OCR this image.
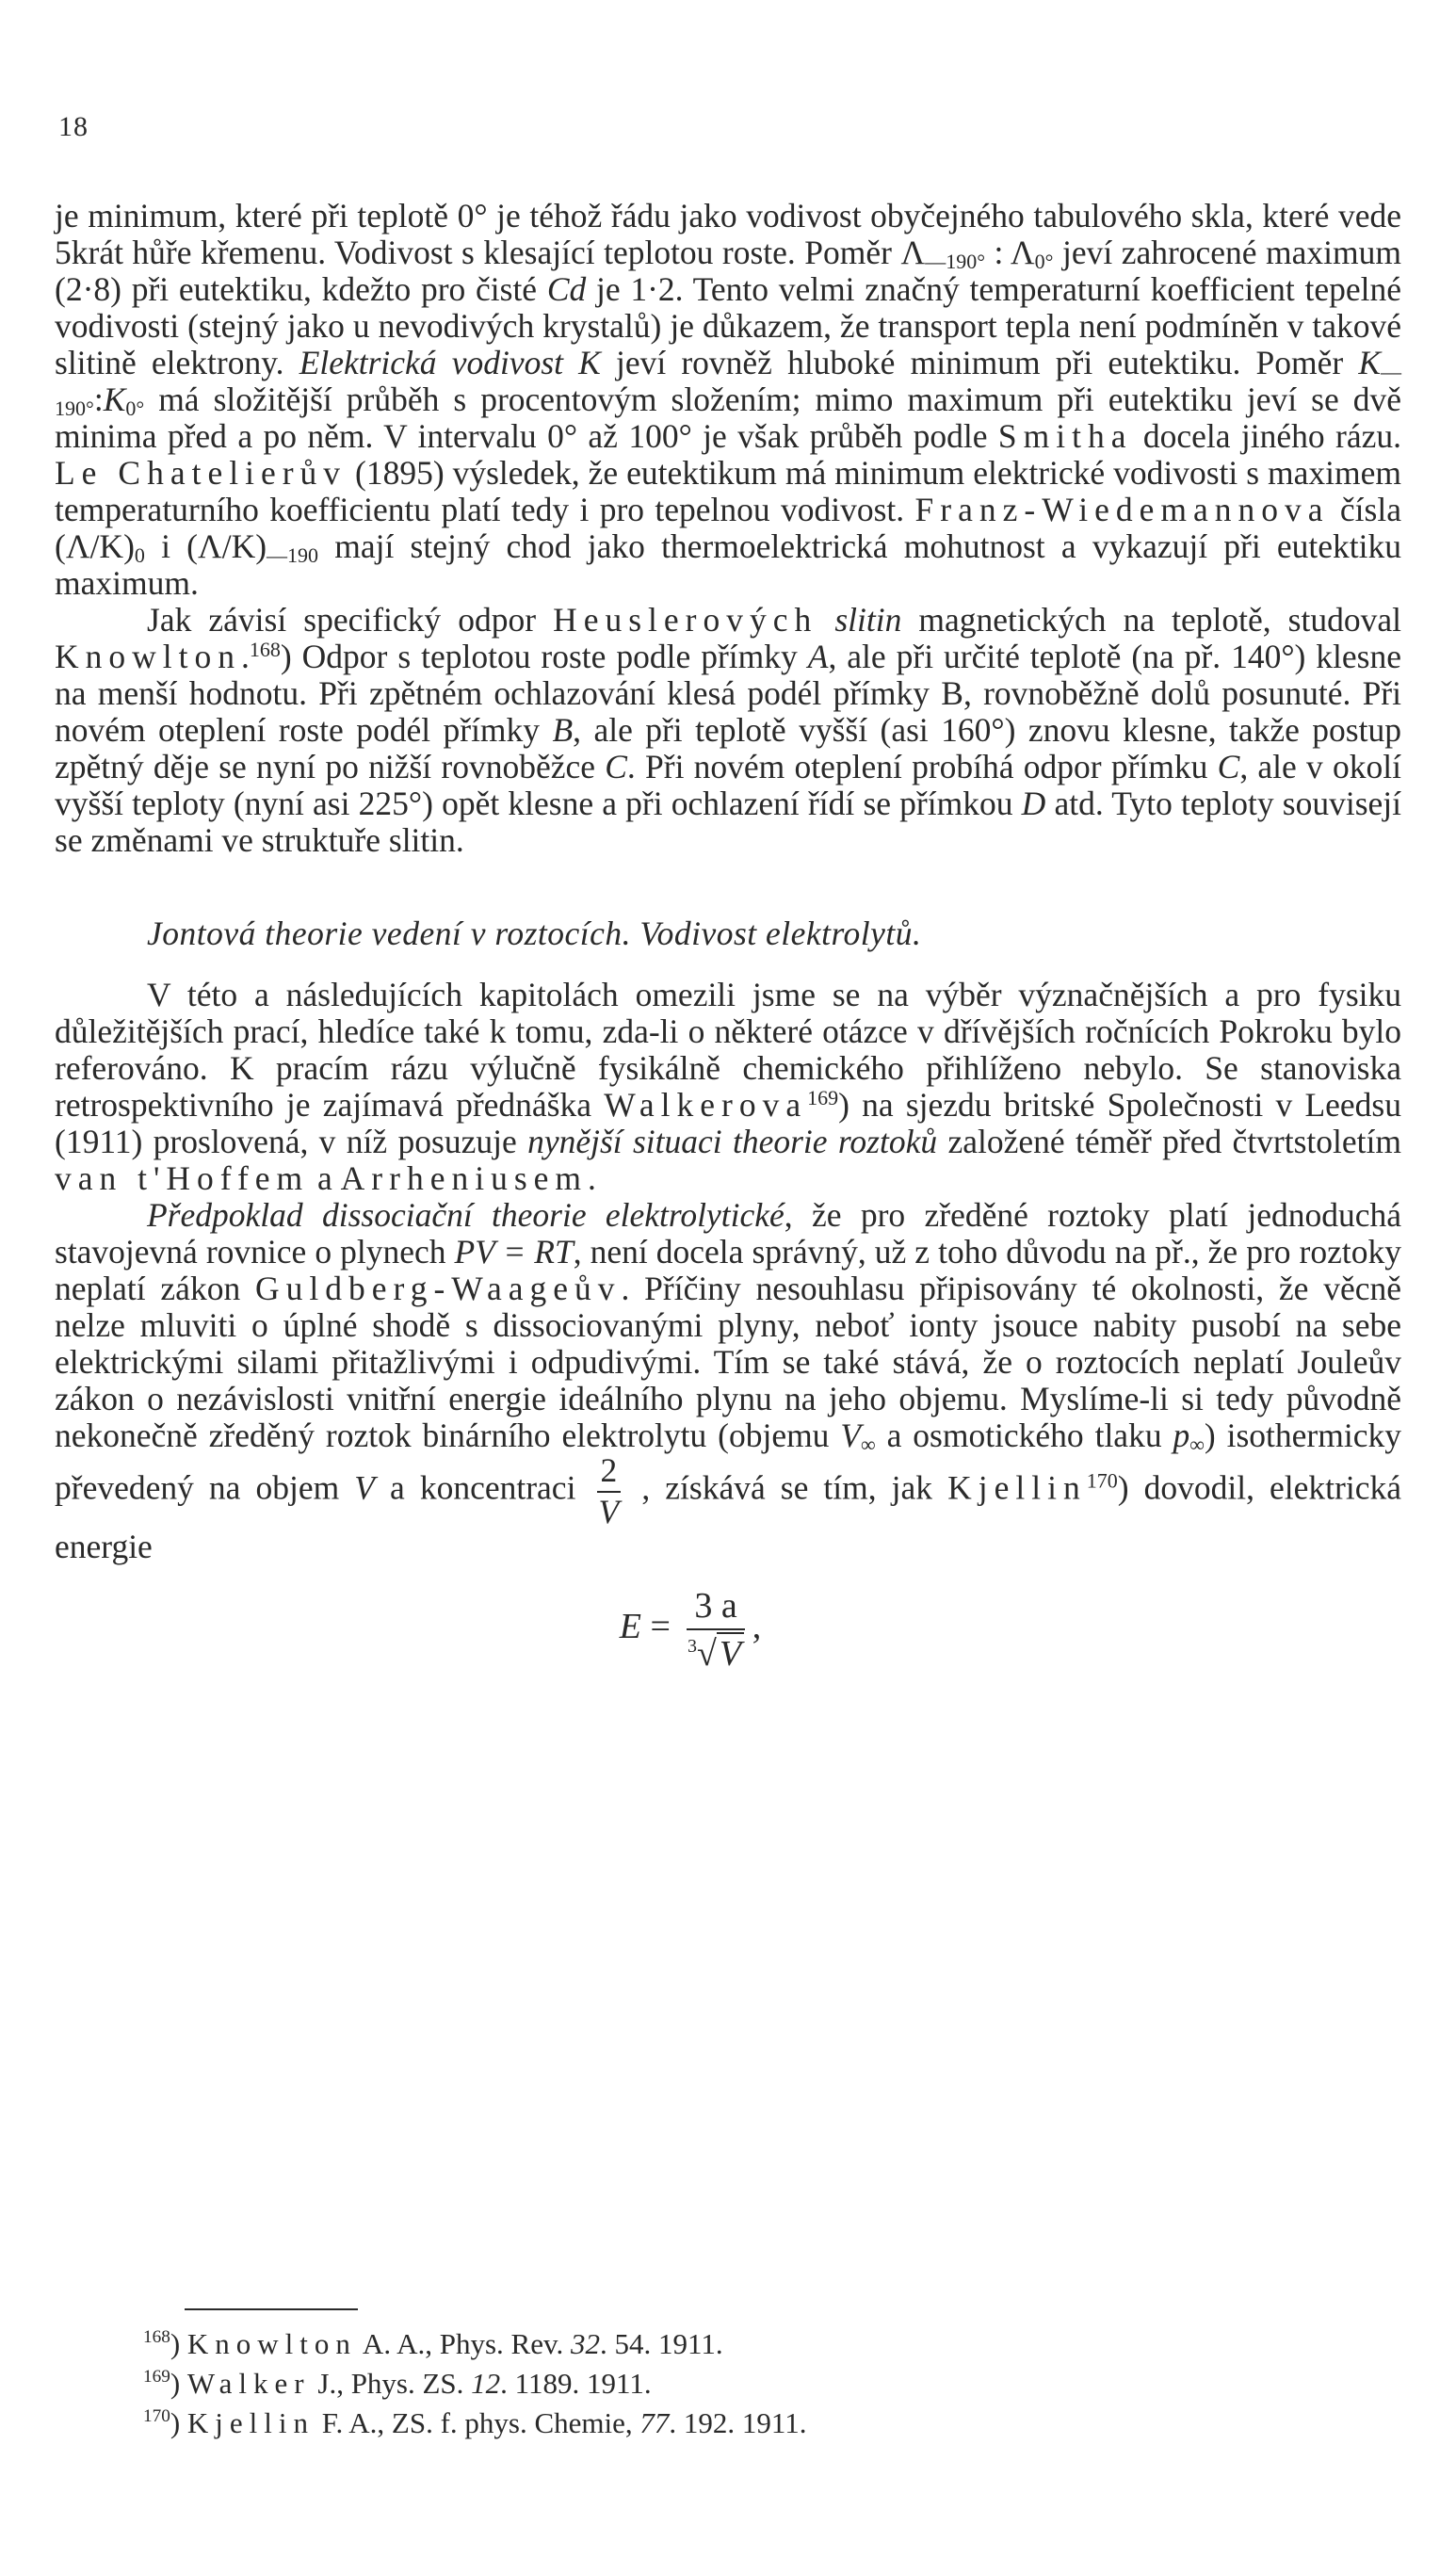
18

je minimum, které při teplotě 0° je téhož řádu jako vodivost obyčejného tabulového skla, které vede 5krát hůře křemenu. Vodivost s klesající teplotou roste. Poměr $\Lambda_{—190^\circ}$ : $\Lambda_{0^\circ}$ jeví zahrocené maximum (2·8) při eutektiku, kdežto pro čisté Cd je 1·2. Tento velmi značný temperaturní koefficient tepelné vodivosti (stejný jako u nevodivých krystalů) je důkazem, že transport tepla není podmíněn v takové slitině elektrony. Elektrická vodivost K jeví rovněž hluboké minimum při eutektiku. Poměr $K_{—190^\circ}:K_{0^\circ}$ má složitější průběh s procentovým složením; mimo maximum při eutektiku jeví se dvě minima před a po něm. V intervalu 0° až 100° je však průběh podle Smitha docela jiného rázu. Le Chatelierův (1895) výsledek, že eutektikum má minimum elektrické vodivosti s maximem temperaturního koefficientu platí tedy i pro tepelnou vodivost. Franz-Wiedemannova čísla $(\Lambda/K)_0$ i $(\Lambda/K)_{—190}$ mají stejný chod jako thermoelektrická mohutnost a vykazují při eutektiku maximum.

Jak závisí specifický odpor Heuslerových slitin magnetických na teplotě, studoval Knowlton.$^{168}$) Odpor s teplotou roste podle přímky A, ale při určité teplotě (na př. 140°) klesne na menší hodnotu. Při zpětném ochlazování klesá podél přímky B, rovnoběžně dolů posunuté. Při novém oteplení roste podél přímky B, ale při teplotě vyšší (asi 160°) znovu klesne, takže postup zpětný děje se nyní po nižší rovnoběžce C. Při novém oteplení probíhá odpor přímku C, ale v okolí vyšší teploty (nyní asi 225°) opět klesne a při ochlazení řídí se přímkou D atd. Tyto teploty souvisejí se změnami ve struktuře slitin.

Jontová theorie vedení v roztocích. Vodivost elektrolytů.

V této a následujících kapitolách omezili jsme se na výběr význačnějších a pro fysiku důležitějších prací, hledíce také k tomu, zda-li o některé otázce v dřívějších ročnících Pokroku bylo referováno. K pracím rázu výlučně fysikálně chemického přihlíženo nebylo. Se stanoviska retrospektivního je zajímavá přednáška Walkerova$^{169}$) na sjezdu britské Společnosti v Leedsu (1911) proslovená, v níž posuzuje nynější situaci theorie roztoků založené téměř před čtvrtstoletím van t'Hoffem a Arrheniusem.

Předpoklad dissociační theorie elektrolytické, že pro zředěné roztoky platí jednoduchá stavojevná rovnice o plynech PV = RT, není docela správný, už z toho důvodu na př., že pro roztoky neplatí zákon Guldberg-Waageův. Příčiny nesouhlasu připisovány té okolnosti, že věcně nelze mluviti o úplné shodě s dissociovanými plyny, neboť ionty jsouce nabity pusobí na sebe elektrickými silami přitažlivými i odpudivými. Tím se také stává, že o roztocích neplatí Jouleův zákon o nezávislosti vnitřní energie ideálního plynu na jeho objemu. Myslíme-li si tedy původně nekonečně zředěný roztok binárního elektrolytu (objemu $V_\infty$ a osmotického tlaku $p_\infty$) isothermicky převedený na objem V a koncentraci $\frac{2}{V}$ , získává se tím, jak Kjellin$^{170}$) dovodil, elektrická energie

$E = \frac{3 a}{^3√V}$ ,

$^{168}$) Knowlton A. A., Phys. Rev. 32. 54. 1911.

$^{169}$) Walker J., Phys. ZS. 12. 1189. 1911.

$^{170}$) Kjellin F. A., ZS. f. phys. Chemie, 77. 192. 1911.
